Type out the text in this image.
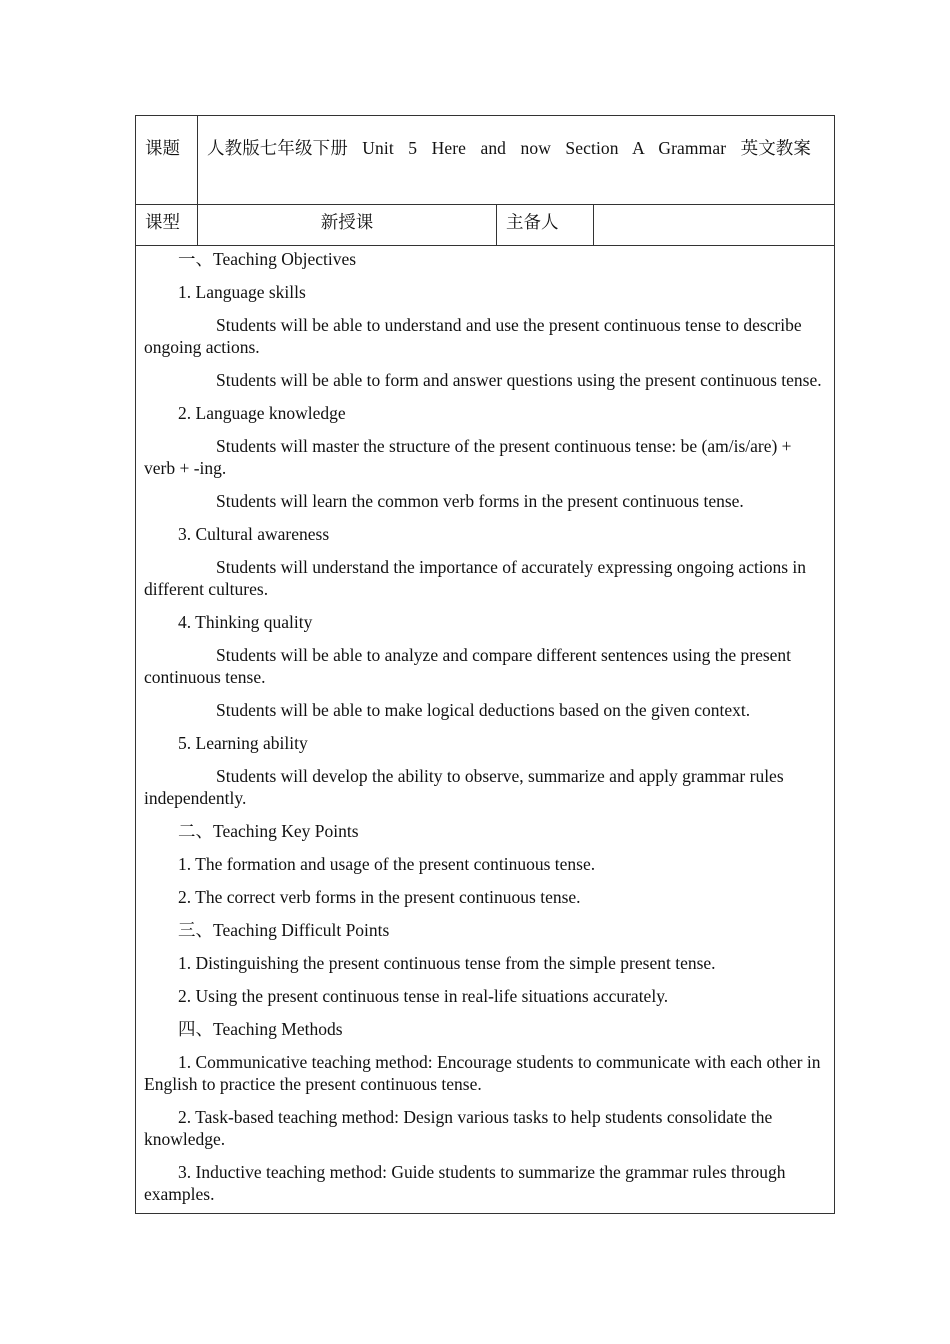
课题	人教版七年级下册 Unit 5 Here and now Section A Grammar 英文教案		
课型	新授课	主备人	

一、Teaching Objectives

1. Language skills

Students will be able to understand and use the present continuous tense to describe ongoing actions.

Students will be able to form and answer questions using the present continuous tense.

2. Language knowledge

Students will master the structure of the present continuous tense: be (am/is/are) + verb + -ing.

Students will learn the common verb forms in the present continuous tense.

3. Cultural awareness

Students will understand the importance of accurately expressing ongoing actions in different cultures.

4. Thinking quality

Students will be able to analyze and compare different sentences using the present continuous tense.

Students will be able to make logical deductions based on the given context.

5. Learning ability

Students will develop the ability to observe, summarize and apply grammar rules independently.

二、Teaching Key Points

1. The formation and usage of the present continuous tense.

2. The correct verb forms in the present continuous tense.

三、Teaching Difficult Points

1. Distinguishing the present continuous tense from the simple present tense.

2. Using the present continuous tense in real-life situations accurately.

四、Teaching Methods

1. Communicative teaching method: Encourage students to communicate with each other in English to practice the present continuous tense.

2. Task-based teaching method: Design various tasks to help students consolidate the knowledge.

3. Inductive teaching method: Guide students to summarize the grammar rules through examples.
